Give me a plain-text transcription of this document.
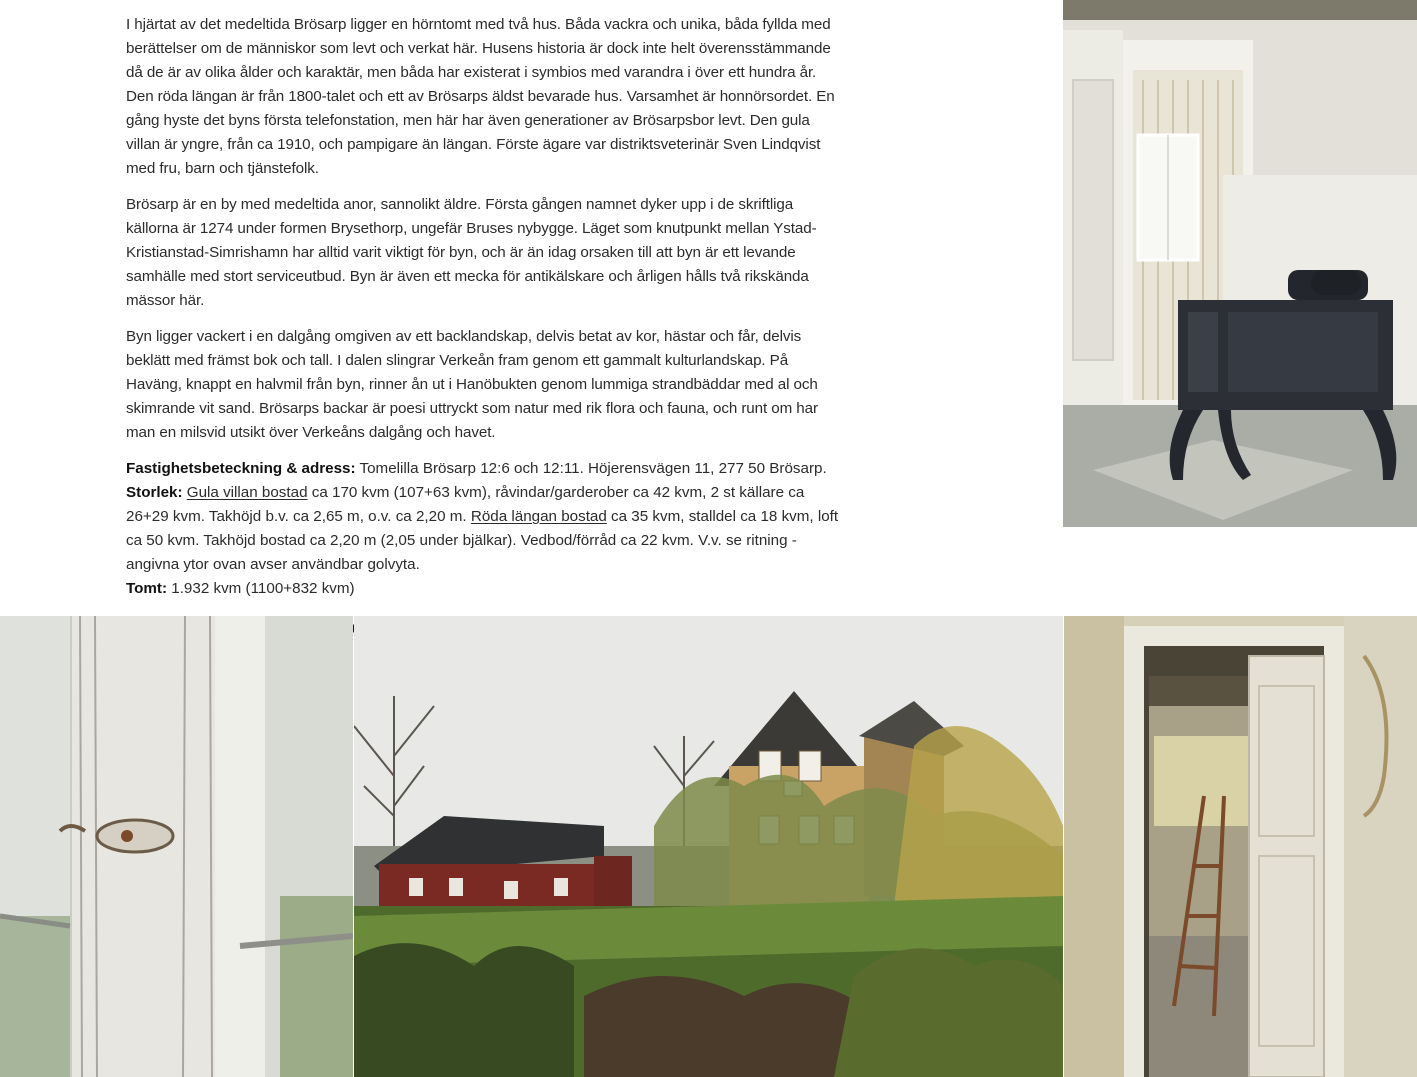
I hjärtat av det medeltida Brösarp ligger en hörntomt med två hus. Båda vackra och unika, båda fyllda med berättelser om de människor som levt och verkat här. Husens historia är dock inte helt överensstämmande då de är av olika ålder och karaktär, men båda har existerat i symbios med varandra i över ett hundra år. Den röda längan är från 1800-talet och ett av Brösarps äldst bevarade hus. Varsamhet är honnörsordet. En gång hyste det byns första telefonstation, men här har även generationer av Brösarpsbor levt. Den gula villan är yngre, från ca 1910, och pampigare än längan. Förste ägare var distriktsveterinär Sven Lindqvist med fru, barn och tjänstefolk.

Brösarp är en by med medeltida anor, sannolikt äldre. Första gången namnet dyker upp i de skriftliga källorna är 1274 under formen Brysethorp, ungefär Bruses nybygge. Läget som knutpunkt mellan Ystad-Kristianstad-Simrishamn har alltid varit viktigt för byn, och är än idag orsaken till att byn är ett levande samhälle med stort serviceutbud. Byn är även ett mecka för antikälskare och årligen hålls två rikskända mässor här.

Byn ligger vackert i en dalgång omgiven av ett backlandskap, delvis betat av kor, hästar och får, delvis beklätt med främst bok och tall. I dalen slingrar Verkeån fram genom ett gammalt kulturlandskap. På Haväng, knappt en halvmil från byn, rinner ån ut i Hanöbukten genom lummiga strandbäddar med al och skimrande vit sand. Brösarps backar är poesi uttryckt som natur med rik flora och fauna, och runt om har man en milsvid utsikt över Verkeåns dalgång och havet.

Fastighetsbeteckning & adress: Tomelilla Brösarp 12:6 och 12:11. Höjerensvägen 11, 277 50 Brösarp.
Storlek: Gula villan bostad ca 170 kvm (107+63 kvm), råvindar/garderober ca 42 kvm, 2 st källare ca 26+29 kvm. Takhöjd b.v. ca 2,65 m, o.v. ca 2,20 m. Röda längan bostad ca 35 kvm, stalldel ca 18 kvm, loft ca 50 kvm. Takhöjd bostad ca 2,20 m (2,05 under bjälkar). Vedbod/förråd ca 22 kvm. V.v. se ritning - angivna ytor ovan avser användbar golvyta.
Tomt: 1.932 kvm (1100+832 kvm)
